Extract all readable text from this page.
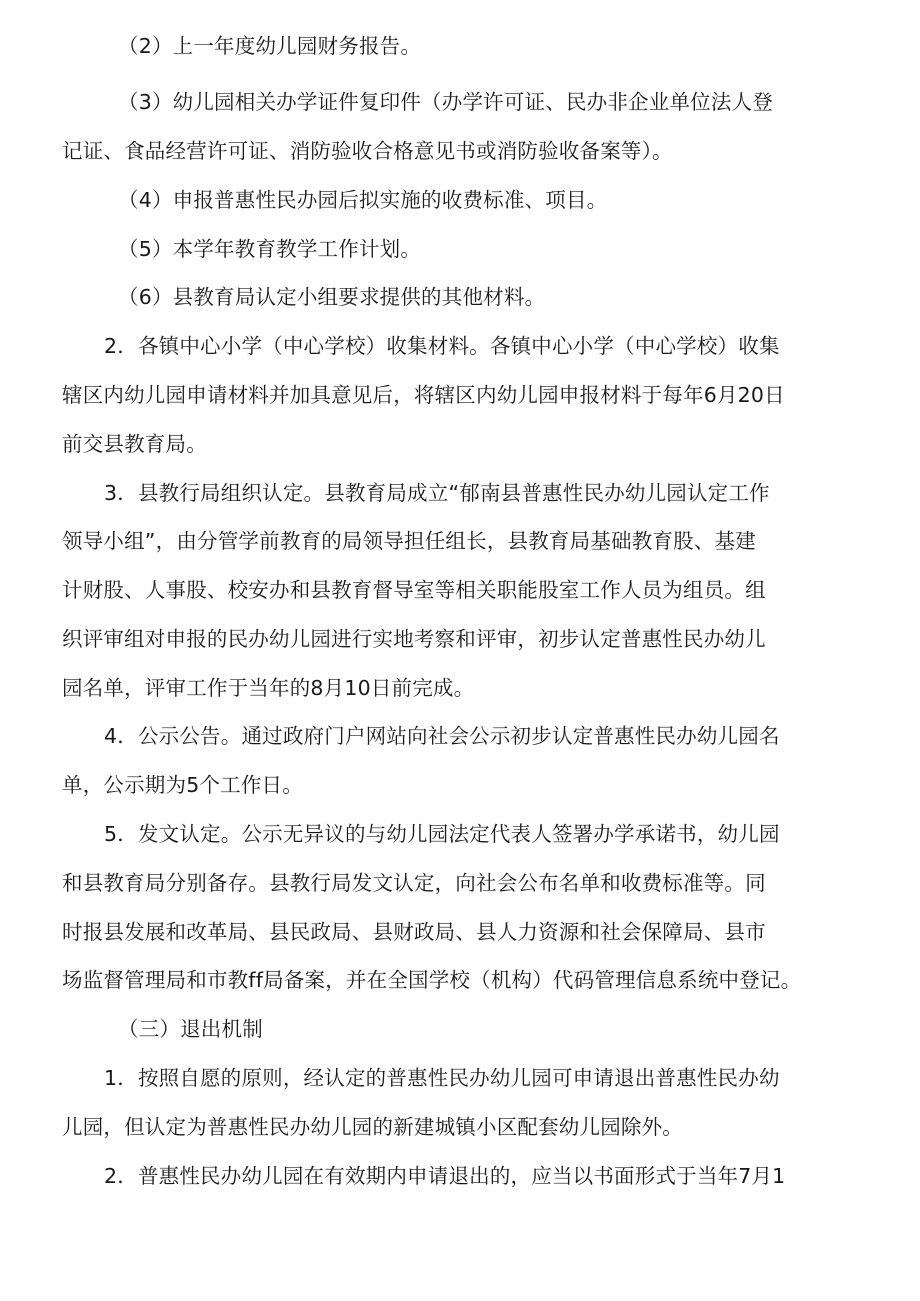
（2）上一年度幼儿园财务报告。
（3）幼儿园相关办学证件复印件（办学许可证、民办非企业单位法人登
记证、食品经营许可证、消防验收合格意见书或消防验收备案等）。
（4）申报普惠性民办园后拟实施的收费标准、项目。
（5）本学年教育教学工作计划。
（6）县教育局认定小组要求提供的其他材料。
2．各镇中心小学（中心学校）收集材料。各镇中心小学（中心学校）收集
辖区内幼儿园申请材料并加具意见后，将辖区内幼儿园申报材料于每年6月20日
前交县教育局。
3．县教行局组织认定。县教育局成立“郁南县普惠性民办幼儿园认定工作
领导小组”，由分管学前教育的局领导担任组长，县教育局基础教育股、基建
计财股、人事股、校安办和县教育督导室等相关职能股室工作人员为组员。组
织评审组对申报的民办幼儿园进行实地考察和评审，初步认定普惠性民办幼儿
园名单，评审工作于当年的8月10日前完成。
4．公示公告。通过政府门户网站向社会公示初步认定普惠性民办幼儿园名
单，公示期为5个工作日。
5．发文认定。公示无异议的与幼儿园法定代表人签署办学承诺书，幼儿园
和县教育局分别备存。县教行局发文认定，向社会公布名单和收费标准等。同
时报县发展和改革局、县民政局、县财政局、县人力资源和社会保障局、县市
场监督管理局和市教ff局备案，并在全国学校（机构）代码管理信息系统中登记。
（三）退出机制
1．按照自愿的原则，经认定的普惠性民办幼儿园可申请退出普惠性民办幼
儿园，但认定为普惠性民办幼儿园的新建城镇小区配套幼儿园除外。
2．普惠性民办幼儿园在有效期内申请退出的，应当以书面形式于当年7月1
